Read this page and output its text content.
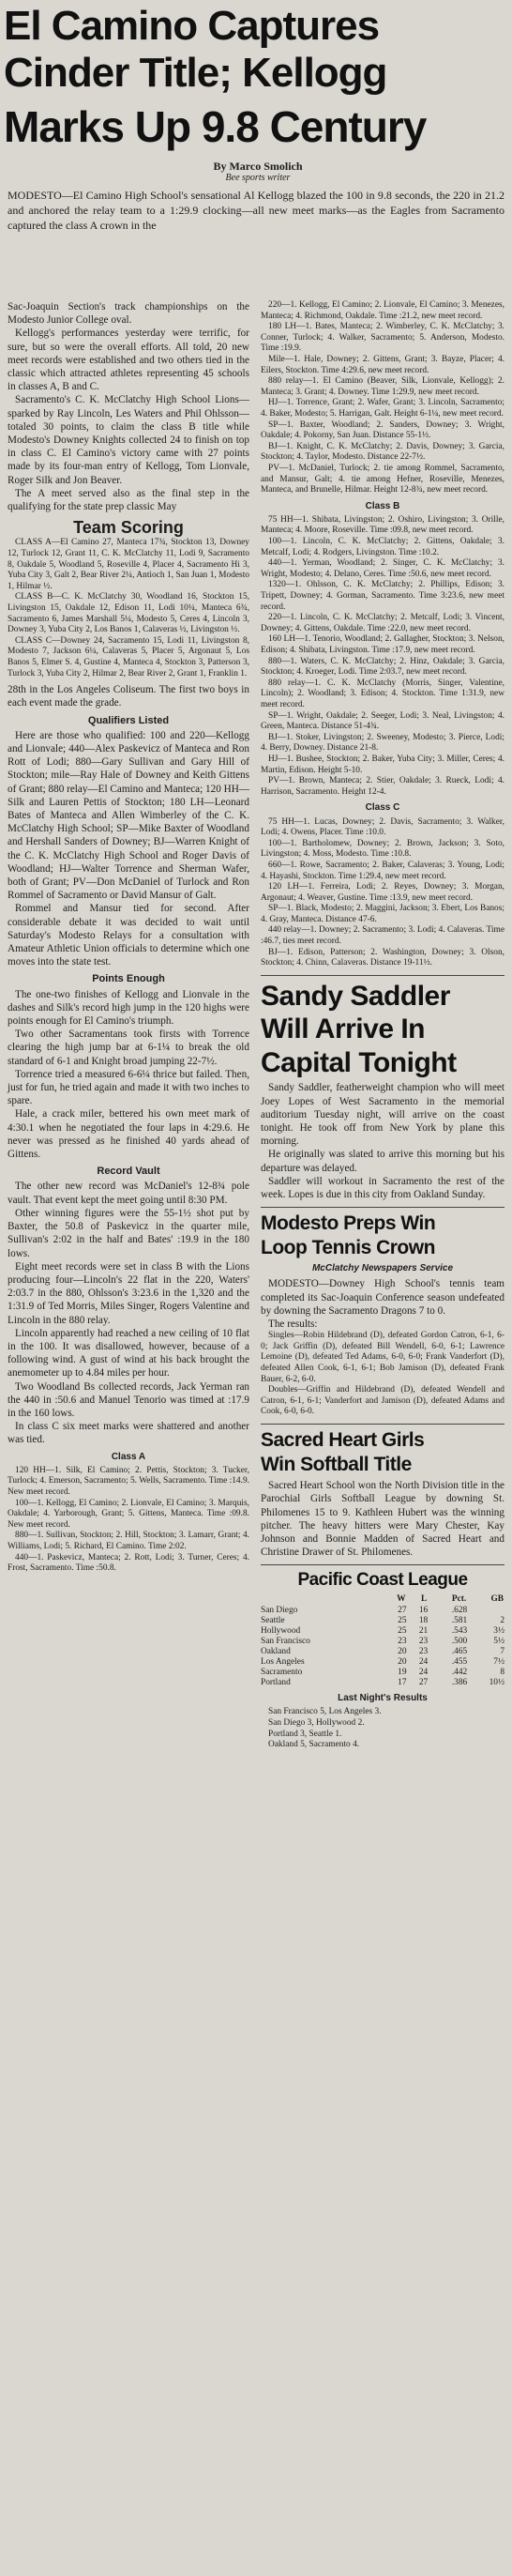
El Camino Captures
Cinder Title; Kellogg
Marks Up 9.8 Century
By Marco Smolich
Bee sports writer
MODESTO—El Camino High School's sensational Al Kellogg blazed the 100 in 9.8 seconds, the 220 in 21.2 and anchored the relay team to a 1:29.9 clocking—all new meet marks—as the Eagles from Sacramento captured the class A crown in the

Sac-Joaquin Section's track championships on the Modesto Junior College oval.

Kellogg's performances yesterday were terrific, for sure, but so were the overall efforts. All told, 20 new meet records were established and two others tied in the classic which attracted athletes representing 45 schools in classes A, B and C.

Sacramento's C. K. McClatchy High School Lions—sparked by Ray Lincoln, Les Waters and Phil Ohlsson—totaled 30 points, to claim the class B title while Modesto's Downey Knights collected 24 to finish on top in class C. El Camino's victory came with 27 points made by its four-man entry of Kellogg, Tom Lionvale, Roger Silk and Jon Beaver.

The A meet served also as the final step in the qualifying for the state prep classic May

Team Scoring

CLASS A—El Camino 27, Manteca 17¾, Stockton 13, Downey 12, Turlock 12, Grant 11, C. K. McClatchy 11, Lodi 9, Sacramento 8, Oakdale 5, Woodland 5, Roseville 4, Placer 4, Sacramento Hi 3, Yuba City 3, Galt 2, Bear River 2¼, Antioch 1, San Juan 1, Modesto 1, Hilmar ½.

CLASS B—C. K. McClatchy 30, Woodland 16, Stockton 15, Livingston 15, Oakdale 12, Edison 11, Lodi 10¼, Manteca 6¾, Sacramento 6, James Marshall 5¼, Modesto 5, Ceres 4, Lincoln 3, Downey 3, Yuba City 2, Los Banos 1, Calaveras ½, Livingston ½.

CLASS C—Downey 24, Sacramento 15, Lodi 11, Livingston 8, Modesto 7, Jackson 6¼, Calaveras 5, Placer 5, Argonaut 5, Los Banos 5, Elmer S. 4, Gustine 4, Manteca 4, Stockton 3, Patterson 3, Turlock 3, Yuba City 2, Hilmar 2, Bear River 2, Grant 1, Franklin 1.

28th in the Los Angeles Coliseum. The first two boys in each event made the grade.

Qualifiers Listed

Here are those who qualified: 100 and 220—Kellogg and Lionvale; 440—Alex Paskevicz of Manteca and Ron Rott of Lodi; 880—Gary Sullivan and Gary Hill of Stockton; mile—Ray Hale of Downey and Keith Gittens of Grant; 880 relay—El Camino and Manteca; 120 HH—Silk and Lauren Pettis of Stockton; 180 LH—Leonard Bates of Manteca and Allen Wimberley of the C. K. McClatchy High School; SP—Mike Baxter of Woodland and Hershall Sanders of Downey; BJ—Warren Knight of the C. K. McClatchy High School and Roger Davis of Woodland; HJ—Walter Torrence and Sherman Wafer, both of Grant; PV—Don McDaniel of Turlock and Ron Rommel of Sacramento or David Mansur of Galt.

Rommel and Mansur tied for second. After considerable debate it was decided to wait until Saturday's Modesto Relays for a consultation with Amateur Athletic Union officials to determine which one moves into the state test.

Points Enough

The one-two finishes of Kellogg and Lionvale in the dashes and Silk's record high jump in the 120 highs were points enough for El Camino's triumph.

Two other Sacramentans took firsts with Torrence clearing the high jump bar at 6-1¼ to break the old standard of 6-1 and Knight broad jumping 22-7½.

Torrence tried a measured 6-6¼ thrice but failed. Then, just for fun, he tried again and made it with two inches to spare.

Hale, a crack miler, bettered his own meet mark of 4:30.1 when he negotiated the four laps in 4:29.6. He never was pressed as he finished 40 yards ahead of Gittens.

Record Vault

The other new record was McDaniel's 12-8¾ pole vault. That event kept the meet going until 8:30 PM.

Other winning figures were the 55-1½ shot put by Baxter, the 50.8 of Paskevicz in the quarter mile, Sullivan's 2:02 in the half and Bates' :19.9 in the 180 lows.

Eight meet records were set in class B with the Lions producing four—Lincoln's 22 flat in the 220, Waters' 2:03.7 in the 880, Ohlsson's 3:23.6 in the 1,320 and the 1:31.9 of Ted Morris, Miles Singer, Rogers Valentine and Lincoln in the 880 relay.

Lincoln apparently had reached a new ceiling of 10 flat in the 100. It was disallowed, however, because of a following wind. A gust of wind at his back brought the anemometer up to 4.84 miles per hour.

Two Woodland Bs collected records, Jack Yerman ran the 440 in :50.6 and Manuel Tenorio was timed at :17.9 in the 160 lows.

In class C six meet marks were shattered and another was tied.

Class A

120 HH—1. Silk, El Camino; 2. Pettis, Stockton; 3. Tucker, Turlock; 4. Emerson, Sacramento; 5. Wells, Sacramento. Time :14.9. New meet record.

100—1. Kellogg, El Camino; 2. Lionvale, El Camino; 3. Marquis, Oakdale; 4. Yarborough, Grant; 5. Gittens, Manteca. Time :09.8. New meet record.

880—1. Sullivan, Stockton; 2. Hill, Stockton; 3. Lamarr, Grant; 4. Williams, Lodi; 5. Richard, El Camino. Time 2:02.

440—1. Paskevicz, Manteca; 2. Rott, Lodi; 3. Turner, Ceres; 4. Frost, Sacramento. Time :50.8.

220—1. Kellogg, El Camino; 2. Lionvale, El Camino; 3. Menezes, Manteca; 4. Richmond, Oakdale. Time :21.2, new meet record.

180 LH—1. Bates, Manteca; 2. Wimberley, C. K. McClatchy; 3. Conner, Turlock; 4. Walker, Sacramento; 5. Anderson, Modesto. Time :19.9.

Mile—1. Hale, Downey; 2. Gittens, Grant; 3. Bayze, Placer; 4. Eilers, Stockton. Time 4:29.6, new meet record.

880 relay—1. El Camino (Beaver, Silk, Lionvale, Kellogg); 2. Manteca; 3. Grant; 4. Downey. Time 1:29.9, new meet record.

HJ—1. Torrence, Grant; 2. Wafer, Grant; 3. Lincoln, Sacramento; 4. Baker, Modesto; 5. Harrigan, Galt. Height 6-1¼, new meet record.

SP—1. Baxter, Woodland; 2. Sanders, Downey; 3. Wright, Oakdale; 4. Pokorny, San Juan. Distance 55-1½.

BJ—1. Knight, C. K. McClatchy; 2. Davis, Downey; 3. Garcia, Stockton; 4. Taylor, Modesto. Distance 22-7½.

PV—1. McDaniel, Turlock; 2. tie among Rommel, Sacramento, and Mansur, Galt; 4. tie among Hefner, Roseville, Menezes, Manteca, and Brunelle, Hilmar. Height 12-8¾, new meet record.

Class B

75 HH—1. Shibata, Livingston; 2. Oshiro, Livingston; 3. Orille, Manteca; 4. Moore, Roseville. Time :09.8, new meet record.

100—1. Lincoln, C. K. McClatchy; 2. Gittens, Oakdale; 3. Metcalf, Lodi; 4. Rodgers, Livingston. Time :10.2.

440—1. Yerman, Woodland; 2. Singer, C. K. McClatchy; 3. Wright, Modesto; 4. Delano, Ceres. Time :50.6, new meet record.

1320—1. Ohlsson, C. K. McClatchy; 2. Phillips, Edison; 3. Tripett, Downey; 4. Gorman, Sacramento. Time 3:23.6, new meet record.

220—1. Lincoln, C. K. McClatchy; 2. Metcalf, Lodi; 3. Vincent, Downey; 4. Gittens, Oakdale. Time :22.0, new meet record.

160 LH—1. Tenorio, Woodland; 2. Gallagher, Stockton; 3. Nelson, Edison; 4. Shibata, Livingston. Time :17.9, new meet record.

880—1. Waters, C. K. McClatchy; 2. Hinz, Oakdale; 3. Garcia, Stockton; 4. Kroeger, Lodi. Time 2:03.7, new meet record.

880 relay—1. C. K. McClatchy (Morris, Singer, Valentine, Lincoln); 2. Woodland; 3. Edison; 4. Stockton. Time 1:31.9, new meet record.

SP—1. Wright, Oakdale; 2. Seeger, Lodi; 3. Neal, Livingston; 4. Green, Manteca. Distance 51-4¾.

BJ—1. Stoker, Livingston; 2. Sweeney, Modesto; 3. Pierce, Lodi; 4. Berry, Downey. Distance 21-8.

HJ—1. Bushee, Stockton; 2. Baker, Yuba City; 3. Miller, Ceres; 4. Martin, Edison. Height 5-10.

PV—1. Brown, Manteca; 2. Stier, Oakdale; 3. Rueck, Lodi; 4. Harrison, Sacramento. Height 12-4.

Class C

75 HH—1. Lucas, Downey; 2. Davis, Sacramento; 3. Walker, Lodi; 4. Owens, Placer. Time :10.0.

100—1. Bartholomew, Downey; 2. Brown, Jackson; 3. Soto, Livingston; 4. Moss, Modesto. Time :10.8.

660—1. Rowe, Sacramento; 2. Baker, Calaveras; 3. Young, Lodi; 4. Hayashi, Stockton. Time 1:29.4, new meet record.

120 LH—1. Ferreira, Lodi; 2. Reyes, Downey; 3. Morgan, Argonaut; 4. Weaver, Gustine. Time :13.9, new meet record.

SP—1. Black, Modesto; 2. Maggini, Jackson; 3. Ebert, Los Banos; 4. Gray, Manteca. Distance 47-6.

440 relay—1. Downey; 2. Sacramento; 3. Lodi; 4. Calaveras. Time :46.7, ties meet record.

BJ—1. Edison, Patterson; 2. Washington, Downey; 3. Olson, Stockton; 4. Chinn, Calaveras. Distance 19-11½.

Sandy Saddler
Will Arrive In
Capital Tonight

Sandy Saddler, featherweight champion who will meet Joey Lopes of West Sacramento in the memorial auditorium Tuesday night, will arrive on the coast tonight. He took off from New York by plane this morning.

He originally was slated to arrive this morning but his departure was delayed.

Saddler will workout in Sacramento the rest of the week. Lopes is due in this city from Oakland Sunday.

Modesto Preps Win
Loop Tennis Crown
McClatchy Newspapers Service

MODESTO—Downey High School's tennis team completed its Sac-Joaquin Conference season undefeated by downing the Sacramento Dragons 7 to 0.

The results:

Singles—Robin Hildebrand (D), defeated Gordon Catron, 6-1, 6-0; Jack Griffin (D), defeated Bill Wendell, 6-0, 6-1; Lawrence Lemoine (D), defeated Ted Adams, 6-0, 6-0; Frank Vanderfort (D), defeated Allen Cook, 6-1, 6-1; Bob Jamison (D), defeated Frank Bauer, 6-2, 6-0.

Doubles—Griffin and Hildebrand (D), defeated Wendell and Catron, 6-1, 6-1; Vanderfort and Jamison (D), defeated Adams and Cook, 6-0, 6-0.

Sacred Heart Girls
Win Softball Title

Sacred Heart School won the North Division title in the Parochial Girls Softball League by downing St. Philomenes 15 to 9. Kathleen Hubert was the winning pitcher. The heavy hitters were Mary Chester, Kay Johnson and Bonnie Madden of Sacred Heart and Christine Drawer of St. Philomenes.

Pacific Coast League
	W	L	Pct.	GB
San Diego	27	16	.628	
Seattle	25	18	.581	2
Hollywood	25	21	.543	3½
San Francisco	23	23	.500	5½
Oakland	20	23	.465	7
Los Angeles	20	24	.455	7½
Sacramento	19	24	.442	8
Portland	17	27	.386	10½
Last Night's Results

San Francisco 5, Los Angeles 3.

San Diego 3, Hollywood 2.

Portland 3, Seattle 1.

Oakland 5, Sacramento 4.
